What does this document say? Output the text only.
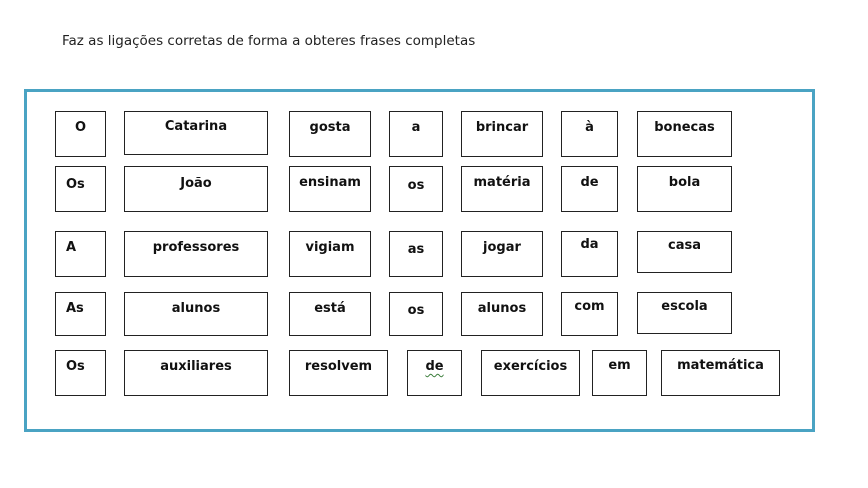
Faz as ligações corretas de forma a obteres frases completas
O	Catarina	gosta	a	brincar	à	bonecas
Os	João	ensinam	os	matéria	de	bola
A	professores	vigiam	as	jogar	da	casa
As	alunos	está	os	alunos	com	escola
Os	auxiliares	resolvem	de	exercícios	em	matemática
